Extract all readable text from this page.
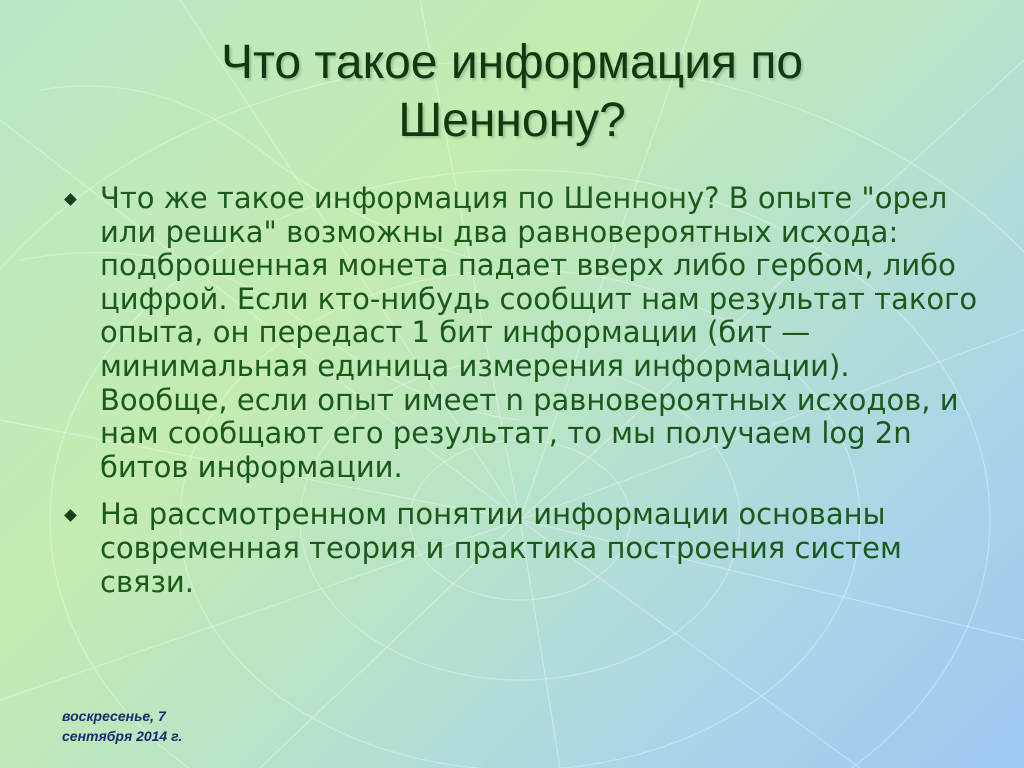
Что такое информация по
Шеннону?
Что же такое информация по Шеннону? В опыте "орел или решка" возможны два равновероятных исхода: подброшенная монета падает вверх либо гербом, либо цифрой. Если кто-нибудь сообщит нам результат такого опыта, он передаст 1 бит информации (бит — минимальная единица измерения информации). Вообще, если опыт имеет n равновероятных исходов, и нам сообщают его результат, то мы получаем log 2n битов информации.
На рассмотренном понятии информации основаны современная теория и практика построения систем связи.
воскресенье, 7
сентября 2014 г.
